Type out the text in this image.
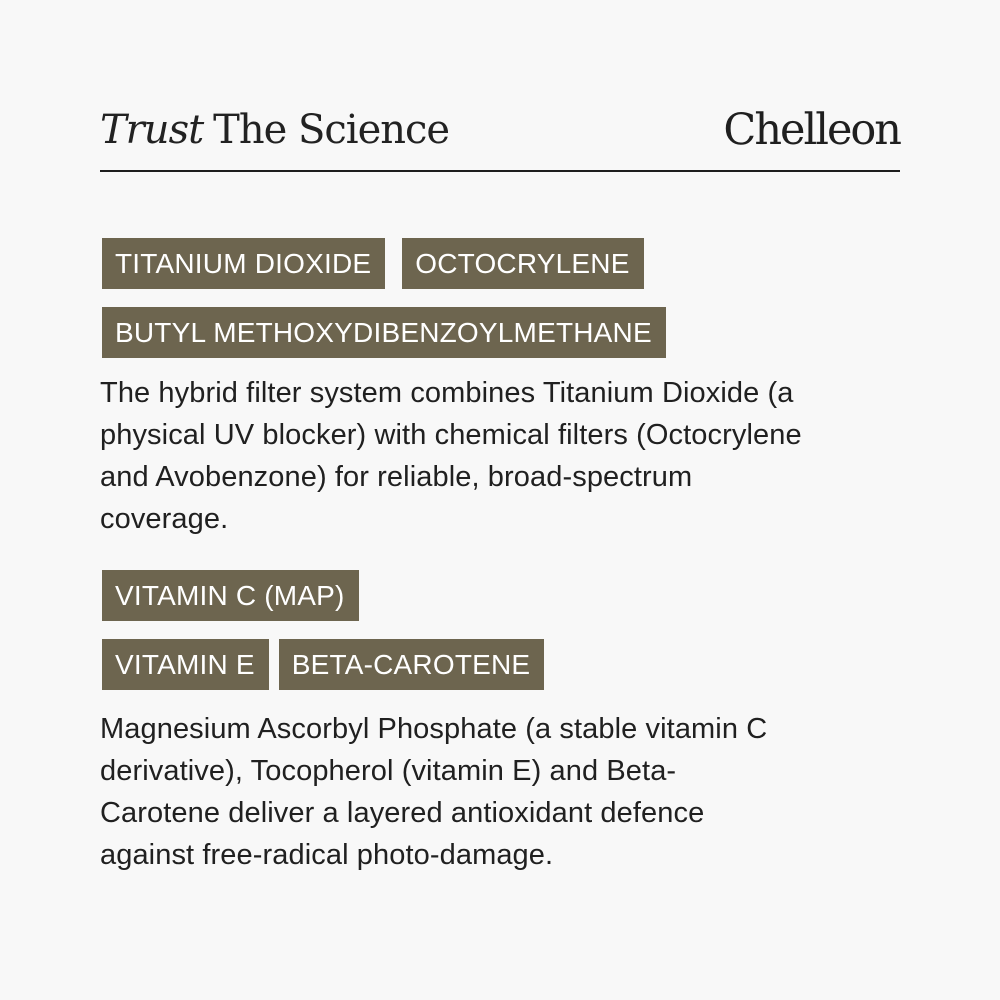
Trust The Science	Chelleon
TITANIUM DIOXIDE	OCTOCRYLENE
BUTYL METHOXYDIBENZOYLMETHANE

The hybrid filter system combines Titanium Dioxide (a
physical UV blocker) with chemical filters (Octocrylene
and Avobenzone) for reliable, broad-spectrum
coverage.

VITAMIN C (MAP)
VITAMIN E	BETA-CAROTENE

Magnesium Ascorbyl Phosphate (a stable vitamin C
derivative), Tocopherol (vitamin E) and Beta-
Carotene deliver a layered antioxidant defence
against free-radical photo-damage.
